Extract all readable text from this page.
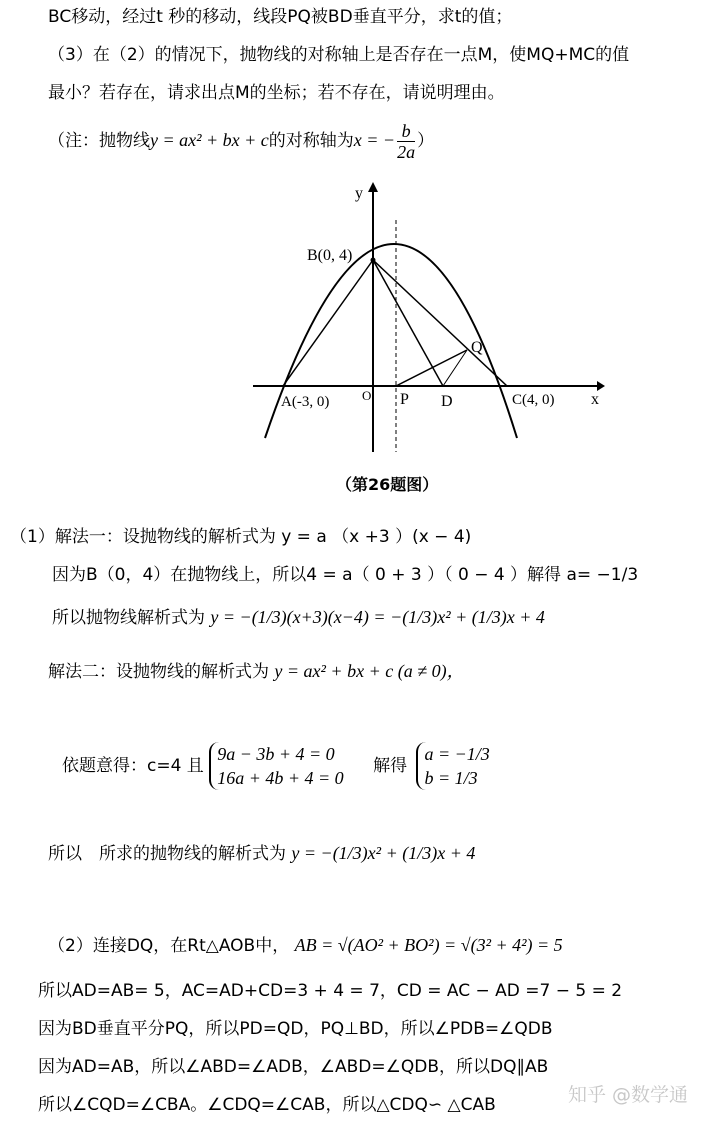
BC移动，经过t 秒的移动，线段PQ被BD垂直平分，求t的值；
（3）在（2）的情况下，抛物线的对称轴上是否存在一点M，使MQ+MC的值
最小？若存在，请求出点M的坐标；若不存在，请说明理由。
（注：抛物线y = ax² + bx + c的对称轴为x = − $\frac{b}{2a}$ ）
y
x
B(0, 4)
A(-3, 0)	O P D	C(4, 0)
Q
（第26题图）
（1）解法一：设抛物线的解析式为 y = a （x +3 ）(x − 4)
因为B（0，4）在抛物线上，所以4 = a（ 0 + 3 ）（ 0 − 4 ）解得 a= −1/3
所以抛物线解析式为 y = −(1/3)(x+3)(x−4) = −(1/3)x² + (1/3)x + 4
解法二：设抛物线的解析式为 y = ax² + bx + c (a ≠ 0)，
依题意得：c=4 且
9a − 3b + 4 = 0
16a + 4b + 4 = 0
解得
a = −1/3
b = 1/3
所以　所求的抛物线的解析式为 y = −(1/3)x² + (1/3)x + 4
（2）连接DQ，在Rt△AOB中， AB = √(AO² + BO²) = √(3² + 4²) = 5
所以AD=AB= 5，AC=AD+CD=3 + 4 = 7，CD = AC − AD =7 − 5 = 2
因为BD垂直平分PQ，所以PD=QD，PQ⊥BD，所以∠PDB=∠QDB
因为AD=AB，所以∠ABD=∠ADB，∠ABD=∠QDB，所以DQ∥AB
所以∠CQD=∠CBA。∠CDQ=∠CAB，所以△CDQ∽ △CAB	知乎 @数学通
